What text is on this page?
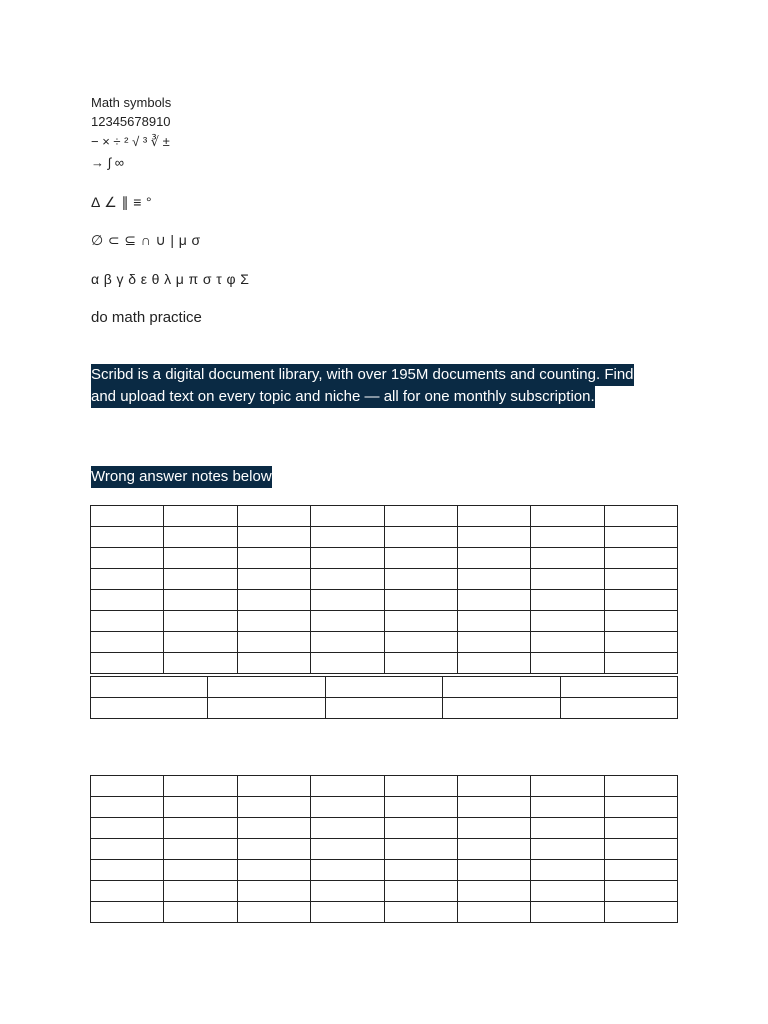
Math symbols
12345678910
− × ÷ ² √ ³ ∛ ±
→ ∫ ∞
Δ ∠ ∥ ≡ °
∅ ⊂ ⊆ ∩ ∪ | μ σ
α β γ δ ε θ λ μ π σ τ φ Σ
do math practice
Scribd is a digital document library, with over 195M documents and counting. Find
and upload text on every topic and niche — all for one monthly subscription.
Wrong answer notes below
